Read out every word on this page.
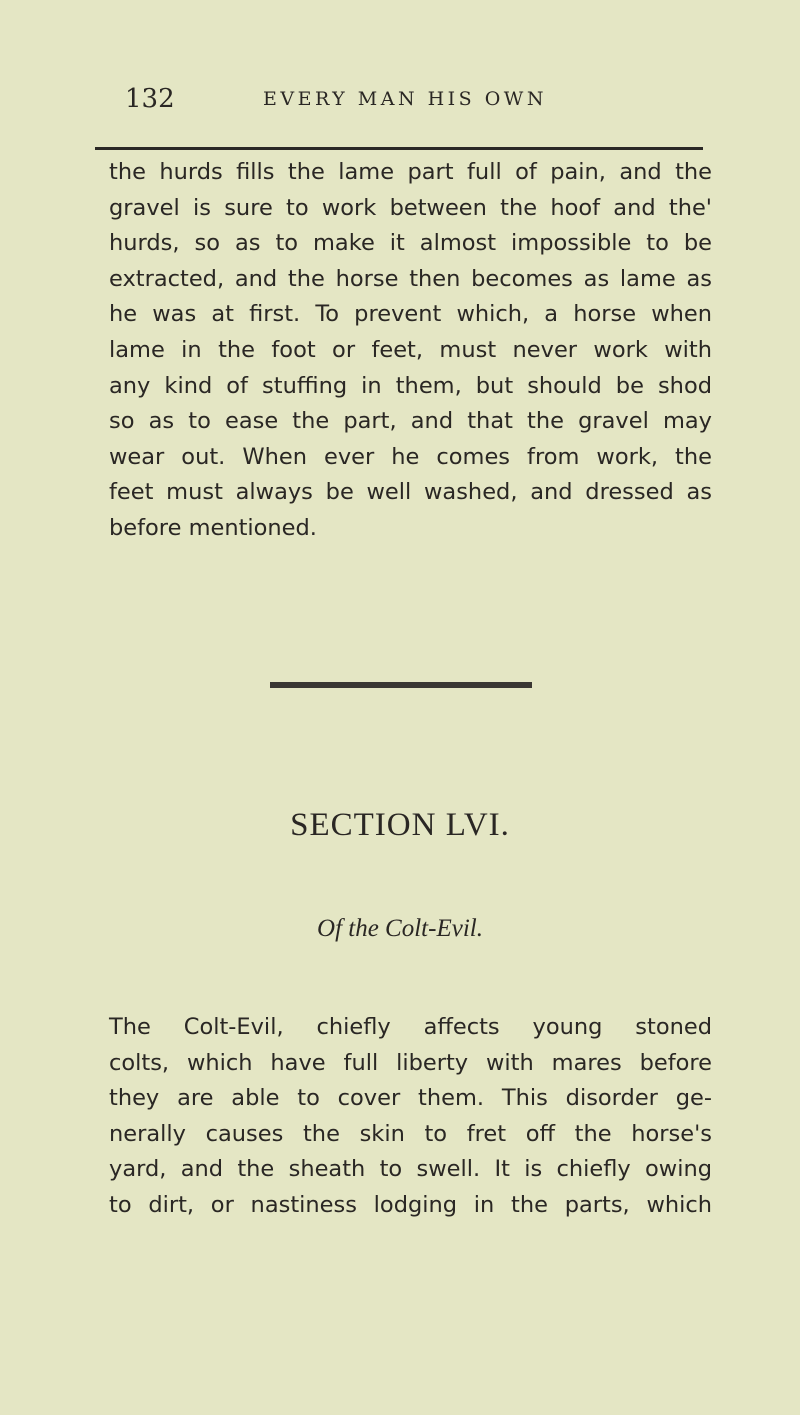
132	EVERY MAN HIS OWN

the hurds fills the lame part full of pain, and the
gravel is sure to work between the hoof and the'
hurds, so as to make it almost impossible to be
extracted, and the horse then becomes as lame as
he was at first. To prevent which, a horse when
lame in the foot or feet, must never work with
any kind of stuffing in them, but should be shod
so as to ease the part, and that the gravel may
wear out. When ever he comes from work, the
feet must always be well washed, and dressed as
before mentioned.

SECTION LVI.

Of the Colt-Evil.

The Colt-Evil, chiefly affects young stoned
colts, which have full liberty with mares before
they are able to cover them. This disorder ge-
nerally causes the skin to fret off the horse's
yard, and the sheath to swell. It is chiefly owing
to dirt, or nastiness lodging in the parts, which
